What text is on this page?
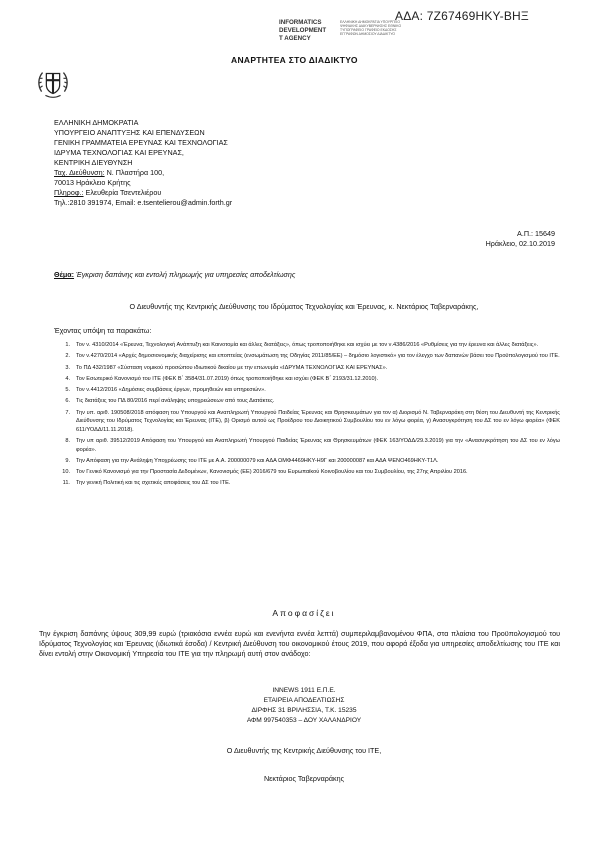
ΑΔΑ: 7Ζ67469ΗΚΥ-ΒΗΞ
INFORMATICS
DEVELOPMENT
T AGENCY
ΕΛΛΗΝΙΚΗ ΔΗΜΟΚΡΑΤΙΑ ΥΠΟΥΡΓΕΙΟ ΨΗΦΙΑΚΗΣ ΔΙΑΚΥΒΕΡΝΗΣΗΣ ΕΘΝΙΚΟ ΤΥΠΟΓΡΑΦΕΙΟ ΓΡΑΦΕΙΟ ΕΚΔΟΣΗΣ ΕΓΓΡΑΦΩΝ ΔΗΜΟΣΙΟΥ ΔΙΑΔΙΚΤΥΟ
ΑΝΑΡΤΗΤΕΑ ΣΤΟ ΔΙΑΔΙΚΤΥΟ
ΕΛΛΗΝΙΚΗ ΔΗΜΟΚΡΑΤΙΑ
ΥΠΟΥΡΓΕΙΟ ΑΝΑΠΤΥΞΗΣ ΚΑΙ ΕΠΕΝΔΥΣΕΩΝ
ΓΕΝΙΚΗ ΓΡΑΜΜΑΤΕΙΑ ΕΡΕΥΝΑΣ ΚΑΙ ΤΕΧΝΟΛΟΓΙΑΣ
ΙΔΡΥΜΑ ΤΕΧΝΟΛΟΓΙΑΣ ΚΑΙ ΕΡΕΥΝΑΣ,
ΚΕΝΤΡΙΚΗ ΔΙΕΥΘΥΝΣΗ
Ταχ. Διεύθυνση: Ν. Πλαστήρα 100,
70013 Ηράκλειο Κρήτης
Πληροφ.: Ελευθερία Τσεντελιέρου
Τηλ.:2810 391974, Email: e.tsentelierou@admin.forth.gr
Α.Π.: 15649
Ηράκλειο, 02.10.2019
Θέμα: Έγκριση δαπάνης και εντολή πληρωμής για υπηρεσίες αποδελτίωσης
Ο Διευθυντής της Κεντρικής Διεύθυνσης του Ιδρύματος Τεχνολογίας και Έρευνας, κ. Νεκτάριος Ταβερναράκης,
Έχοντας υπόψη τα παρακάτω:
1. Τον ν. 4310/2014 «Έρευνα, Τεχνολογική Ανάπτυξη και Καινοτομία και άλλες διατάξεις», όπως τροποποιήθηκε και ισχύει με τον ν.4386/2016 «Ρυθμίσεις για την έρευνα και άλλες διατάξεις».
2. Τον ν.4270/2014 «Αρχές δημοσιονομικής διαχείρισης και εποπτείας (ενσωμάτωση της Οδηγίας 2011/85/ΕΕ) – δημόσιο λογιστικό» για τον έλεγχο των δαπανών βάσει του Προϋπολογισμού του ΙΤΕ.
3. Το ΠΔ 432/1987 «Σύσταση νομικού προσώπου ιδιωτικού δικαίου με την επωνυμία «ΙΔΡΥΜΑ ΤΕΧΝΟΛΟΓΙΑΣ ΚΑΙ ΕΡΕΥΝΑΣ».
4. Τον Εσωτερικό Κανονισμό του ΙΤΕ (ΦΕΚ Β΄ 3584/31.07.2019) όπως τροποποιήθηκε και ισχύει (ΦΕΚ Β΄ 2193/31.12.2010).
5. Τον ν.4412/2016 «Δημόσιες συμβάσεις έργων, προμηθειών και υπηρεσιών».
6. Τις διατάξεις του ΠΔ 80/2016 περί ανάληψης υποχρεώσεων από τους Διατάκτες.
7. Την υπ. αριθ. 190508/2018 απόφαση του Υπουργού και Αναπληρωτή Υπουργού Παιδείας Έρευνας και Θρησκευμάτων για τον α) Διορισμό Ν. Ταβερναράκη στη θέση του Διευθυντή της Κεντρικής Διεύθυνσης του Ιδρύματος Τεχνολογίας και Έρευνας (ΙΤΕ), β) Ορισμό αυτού ως Προέδρου του Διοικητικού Συμβουλίου του εν λόγω φορέα, γ) Ανασυγκρότηση του ΔΣ του εν λόγω φορέα» (ΦΕΚ 611/ΥΟΔΔ/11.11.2018).
8. Την υπ αριθ. 39512/2019 Απόφαση του Υπουργού και Αναπληρωτή Υπουργού Παιδείας Έρευνας και Θρησκευμάτων (ΦΕΚ 163/ΥΟΔΔ/29.3.2019) για την «Ανασυγκρότηση του ΔΣ του εν λόγω φορέα».
9. Την Απόφαση για την Ανάληψη Υποχρέωσης του ΙΤΕ με Α.Α. 200000079 και ΑΔΑ ΩΜΦ4469ΗΚΥ-Η9Γ και 200000087 και ΑΔΑ ΨΕΝΟ469ΗΚΥ-Τ1Λ.
10. Τον Γενικό Κανονισμό για την Προστασία Δεδομένων, Κανονισμός (ΕΕ) 2016/679 του Ευρωπαϊκού Κοινοβουλίου και του Συμβουλίου, της 27ης Απριλίου 2016.
11. Την γενική Πολιτική και τις σχετικές αποφάσεις του ΔΣ του ΙΤΕ.
Αποφασίζει
Την έγκριση δαπάνης ύψους 309,99 ευρώ (τριακόσια εννέα ευρώ και ενενήντα εννέα λεπτά) συμπεριλαμβανομένου ΦΠΑ, στα πλαίσια του Προϋπολογισμού του Ιδρύματος Τεχνολογίας και Έρευνας (ιδιωτικά έσοδα) / Κεντρική Διεύθυνση του οικονομικού έτους 2019, που αφορά έξοδα για υπηρεσίες αποδελτίωσης του ΙΤΕ και δίνει εντολή στην Οικονομική Υπηρεσία του ΙΤΕ για την πληρωμή αυτή στον ανάδοχο:
INNEWS 1911 Ε.Π.Ε.
ΕΤΑΙΡΕΙΑ ΑΠΟΔΕΛΤΙΩΣΗΣ
ΔΙΡΦΗΣ 31 ΒΡΙΛΗΣΣΙΑ, Τ.Κ. 15235
ΑΦΜ 997540353 – ΔΟΥ ΧΑΛΑΝΔΡΙΟΥ
Ο Διευθυντής της Κεντρικής Διεύθυνσης του ΙΤΕ,
Νεκτάριος Ταβερναράκης
